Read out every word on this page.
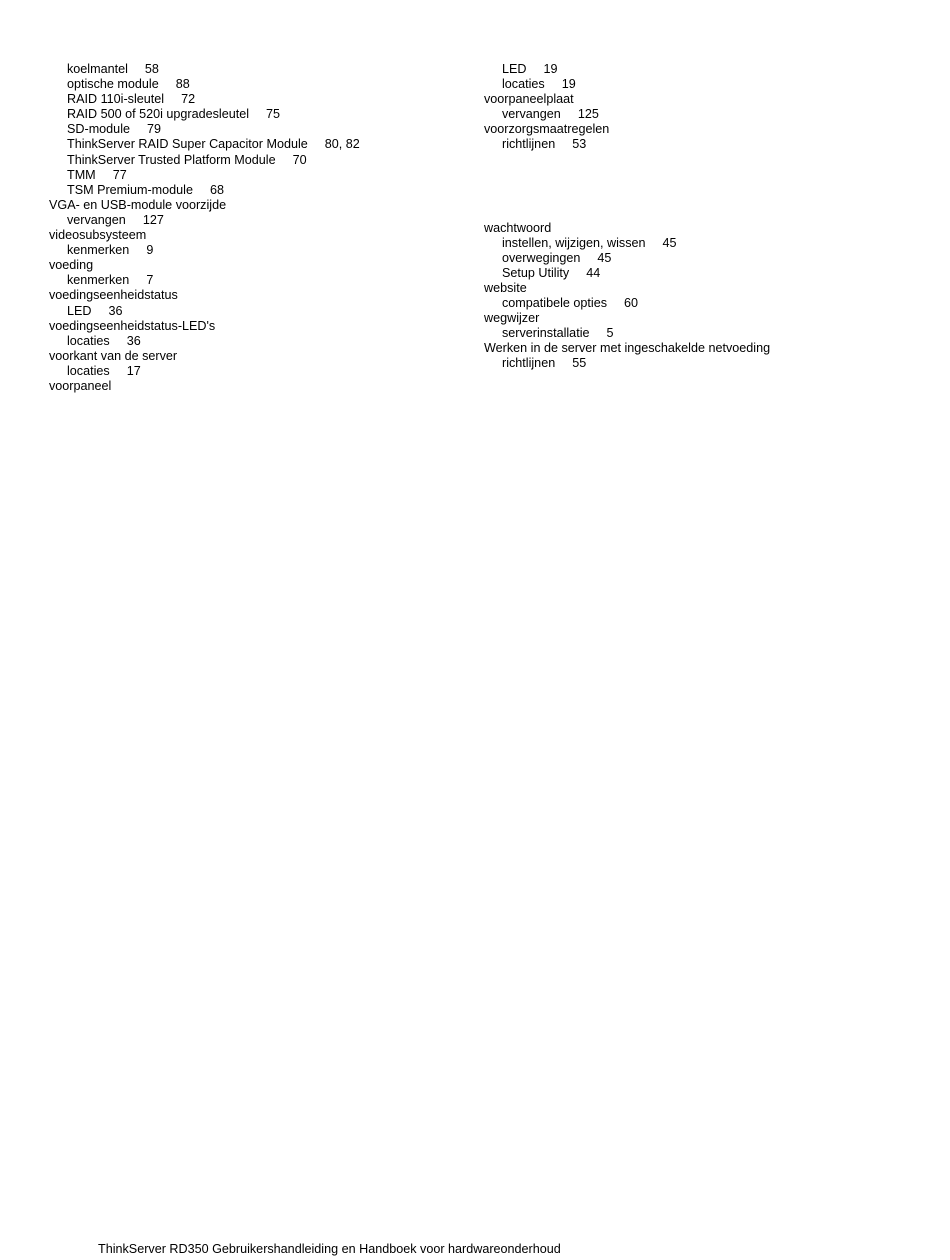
koelmantel 58
optische module 88
RAID 110i-sleutel 72
RAID 500 of 520i upgradesleutel 75
SD-module 79
ThinkServer RAID Super Capacitor Module 80, 82
ThinkServer Trusted Platform Module 70
TMM 77
TSM Premium-module 68
VGA- en USB-module voorzijde
vervangen 127
videosubsysteem
kenmerken 9
voeding
kenmerken 7
voedingseenheidstatus
LED 36
voedingseenheidstatus-LED's
locaties 36
voorkant van de server
locaties 17
voorpaneel
LED 19
locaties 19
voorpaneelplaat
vervangen 125
voorzorgsmaatregelen
richtlijnen 53
wachtwoord
instellen, wijzigen, wissen 45
overwegingen 45
Setup Utility 44
website
compatibele opties 60
wegwijzer
serverinstallatie 5
Werken in de server met ingeschakelde netvoeding
richtlijnen 55
ThinkServer RD350 Gebruikershandleiding en Handboek voor hardwareonderhoud
